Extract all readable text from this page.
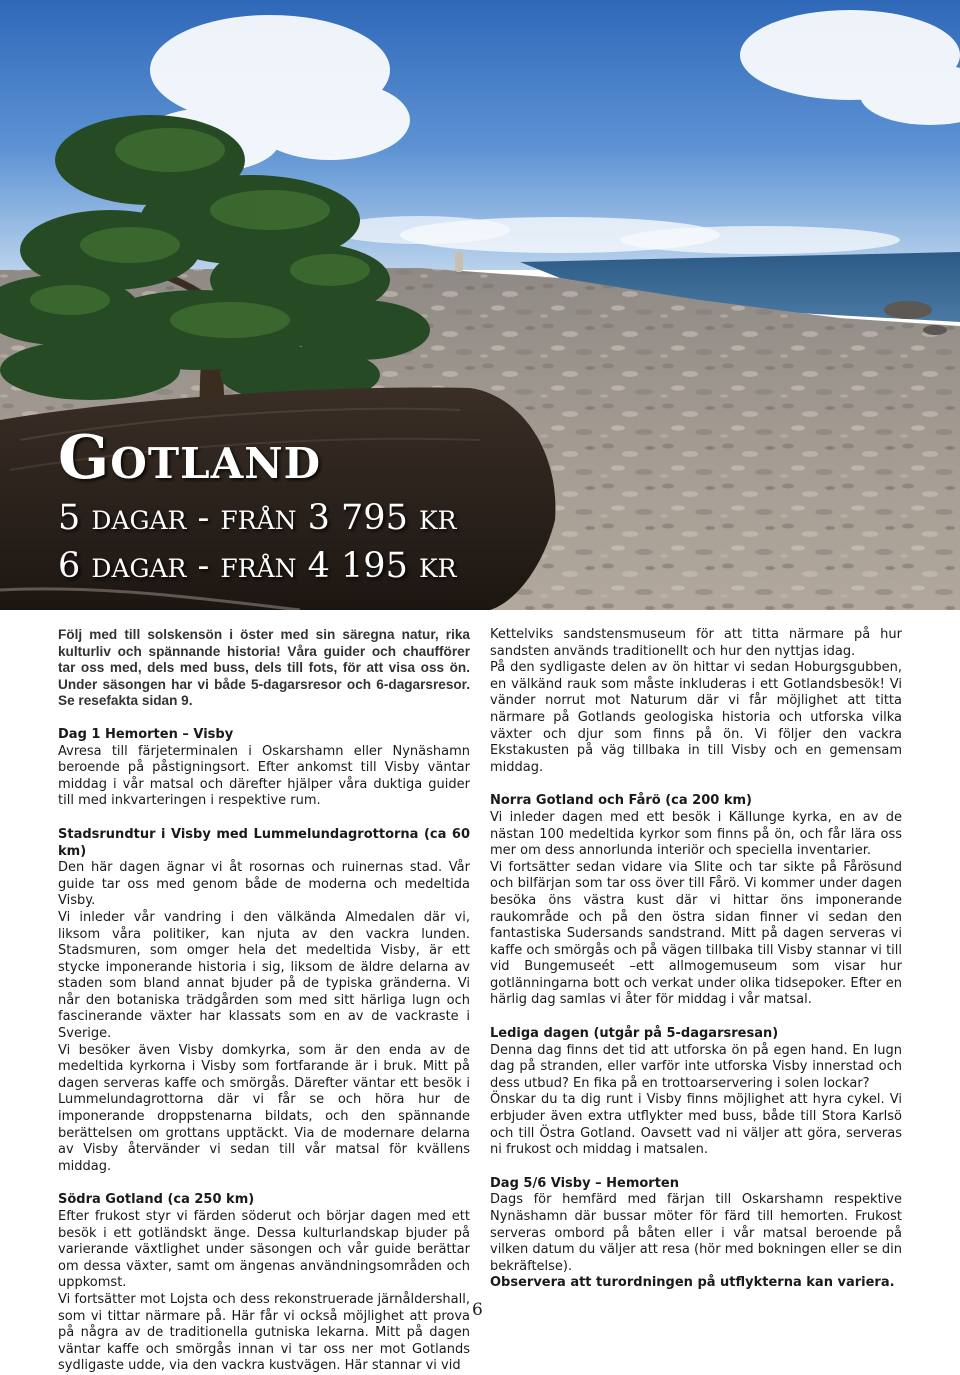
Gotland
5 dagar - från 3 795 kr
6 dagar - från 4 195 kr

Följ med till solskensön i öster med sin säregna natur, rika kulturliv och spännande historia! Våra guider och chaufförer tar oss med, dels med buss, dels till fots, för att visa oss ön. Under säsongen har vi både 5-dagarsresor och 6-dagarsresor. Se resefakta sidan 9.

Dag 1 Hemorten – Visby

Avresa till färjeterminalen i Oskarshamn eller Nynäshamn beroende på påstigningsort. Efter ankomst till Visby väntar middag i vår matsal och därefter hjälper våra duktiga guider till med inkvarteringen i respektive rum.

Stadsrundtur i Visby med Lummelundagrottorna (ca 60 km)

Den här dagen ägnar vi åt rosornas och ruinernas stad. Vår guide tar oss med genom både de moderna och medeltida Visby.

Vi inleder vår vandring i den välkända Almedalen där vi, liksom våra politiker, kan njuta av den vackra lunden. Stadsmuren, som omger hela det medeltida Visby, är ett stycke imponerande historia i sig, liksom de äldre delarna av staden som bland annat bjuder på de typiska gränderna. Vi når den botaniska trädgården som med sitt härliga lugn och fascinerande växter har klassats som en av de vackraste i Sverige.

Vi besöker även Visby domkyrka, som är den enda av de medeltida kyrkorna i Visby som fortfarande är i bruk. Mitt på dagen serveras kaffe och smörgås. Därefter väntar ett besök i Lummelundagrottorna där vi får se och höra hur de imponerande droppstenarna bildats, och den spännande berättelsen om grottans upptäckt. Via de modernare delarna av Visby återvänder vi sedan till vår matsal för kvällens middag.

Södra Gotland (ca 250 km)

Efter frukost styr vi färden söderut och börjar dagen med ett besök i ett gotländskt änge. Dessa kulturlandskap bjuder på varierande växtlighet under säsongen och vår guide berättar om dessa växter, samt om ängenas användningsområden och uppkomst.

Vi fortsätter mot Lojsta och dess rekonstruerade järnåldershall, som vi tittar närmare på. Här får vi också möjlighet att prova på några av de traditionella gutniska lekarna. Mitt på dagen väntar kaffe och smörgås innan vi tar oss ner mot Gotlands sydligaste udde, via den vackra kustvägen. Här stannar vi vid

Kettelviks sandstensmuseum för att titta närmare på hur sandsten används traditionellt och hur den nyttjas idag.

På den sydligaste delen av ön hittar vi sedan Hoburgsgubben, en välkänd rauk som måste inkluderas i ett Gotlandsbesök! Vi vänder norrut mot Naturum där vi får möjlighet att titta närmare på Gotlands geologiska historia och utforska vilka växter och djur som finns på ön. Vi följer den vackra Ekstakusten på väg tillbaka in till Visby och en gemensam middag.

Norra Gotland och Fårö (ca 200 km)

Vi inleder dagen med ett besök i Källunge kyrka, en av de nästan 100 medeltida kyrkor som finns på ön, och får lära oss mer om dess annorlunda interiör och speciella inventarier.

Vi fortsätter sedan vidare via Slite och tar sikte på Fårösund och bilfärjan som tar oss över till Fårö. Vi kommer under dagen besöka öns västra kust där vi hittar öns imponerande raukområde och på den östra sidan finner vi sedan den fantastiska Sudersands sandstrand. Mitt på dagen serveras vi kaffe och smörgås och på vägen tillbaka till Visby stannar vi till vid Bungemuseét –ett allmogemuseum som visar hur gotlänningarna bott och verkat under olika tidsepoker. Efter en härlig dag samlas vi åter för middag i vår matsal.

Lediga dagen (utgår på 5-dagarsresan)

Denna dag finns det tid att utforska ön på egen hand. En lugn dag på stranden, eller varför inte utforska Visby innerstad och dess utbud? En fika på en trottoarservering i solen lockar?

Önskar du ta dig runt i Visby finns möjlighet att hyra cykel. Vi erbjuder även extra utflykter med buss, både till Stora Karlsö och till Östra Gotland. Oavsett vad ni väljer att göra, serveras ni frukost och middag i matsalen.

Dag 5/6 Visby – Hemorten

Dags för hemfärd med färjan till Oskarshamn respektive Nynäshamn där bussar möter för färd till hemorten. Frukost serveras ombord på båten eller i vår matsal beroende på vilken datum du väljer att resa (hör med bokningen eller se din bekräftelse).

Observera att turordningen på utflykterna kan variera.

6
